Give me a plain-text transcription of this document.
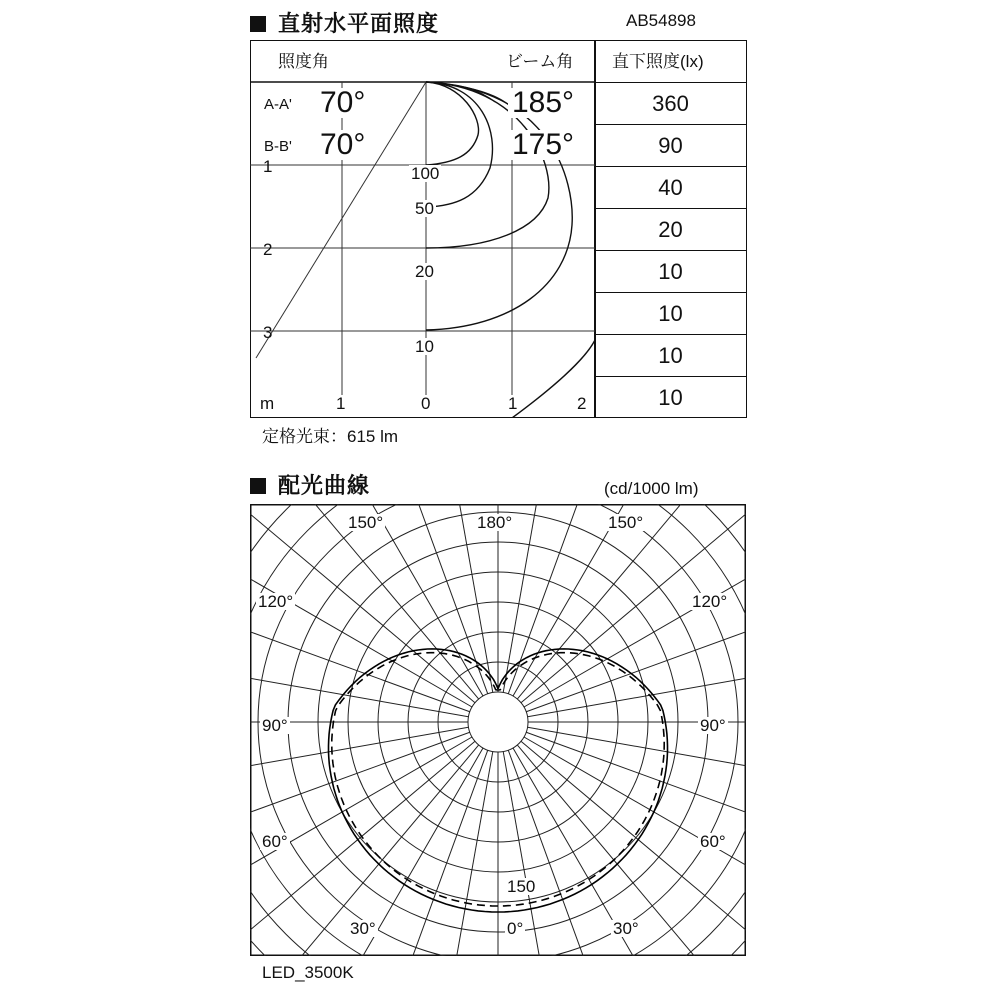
直射水平面照度	AB54898
照度角	ビーム角 直下照度(lx)
A-A' 70°	185°
B-B' 70°	175°
1
2
3
100
50
20
10
m	1	0	1	2
360
90
40
20
10
10
10
10
定格光束：615 lm
配光曲線	(cd/1000 lm)
150°	180°	150°
120°	120°
90°	90°
60°	60°
30°	0°	30°
150
LED_3500K
